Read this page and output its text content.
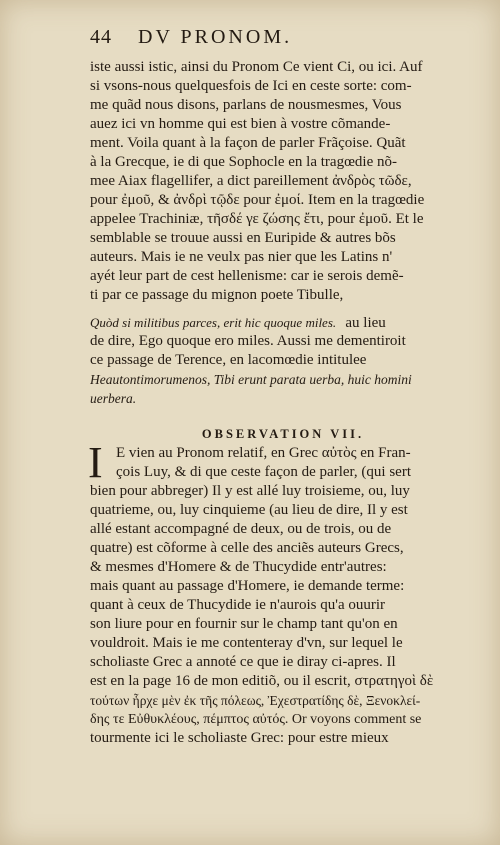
44 DV PRONOM.
iste aussi istic, ainsi du Pronom Ce vient Ci, ou ici. Auf
si vsons-nous quelquesfois de Ici en ceste sorte: com-
me quãd nous disons, parlans de nousmesmes, Vous
auez ici vn homme qui est bien à vostre cõmande-
ment. Voila quant à la façon de parler Frãçoise. Quãt
à la Grecque, ie di que Sophocle en la tragœdie nõ-
mee Aiax flagellifer, a dict pareillement ἀνδρὸς τῶδε,
pour ἐμοῦ, & ἀνδρὶ τῷδε pour ἐμοί. Item en la tragœdie
appelee Trachiniæ, τῆσδέ γε ζώσης ἔτι, pour ἐμοῦ. Et le
semblable se trouue aussi en Euripide & autres bõs
auteurs. Mais ie ne veulx pas nier que les Latins n'
ayét leur part de cest hellenisme: car ie serois demẽ-
ti par ce passage du mignon poete Tibulle,
Quòd si militibus parces, erit hic quoque miles. au lieu
de dire, Ego quoque ero miles. Aussi me dementiroit
ce passage de Terence, en lacomœdie intitulee
Heautontimorumenos, Tibi erunt parata uerba, huic homini
uerbera.
OBSERVATION VII.
I E vien au Pronom relatif, en Grec αὐτὸς en Fran-
çois Luy, & di que ceste façon de parler, (qui sert
bien pour abbreger) Il y est allé luy troisieme, ou, luy
quatrieme, ou, luy cinquieme (au lieu de dire, Il y est
allé estant accompagné de deux, ou de trois, ou de
quatre) est cõforme à celle des anciẽs auteurs Grecs,
& mesmes d'Homere & de Thucydide entr'autres:
mais quant au passage d'Homere, ie demande terme:
quant à ceux de Thucydide ie n'aurois qu'a ouurir
son liure pour en fournir sur le champ tant qu'on en
vouldroit. Mais ie me contenteray d'vn, sur lequel le
scholiaste Grec a annoté ce que ie diray ci-apres. Il
est en la page 16 de mon editiõ, ou il escrit, στρατηγοὶ δὲ
τούτων ἦρχε μὲν ἐκ τῆς πόλεως, Ἐχεστρατίδης δὲ, Ξενοκλεί-
δης τε Εὐθυκλέους, πέμπτος αὐτός. Or voyons comment se
tourmente ici le scholiaste Grec: pour estre mieux
